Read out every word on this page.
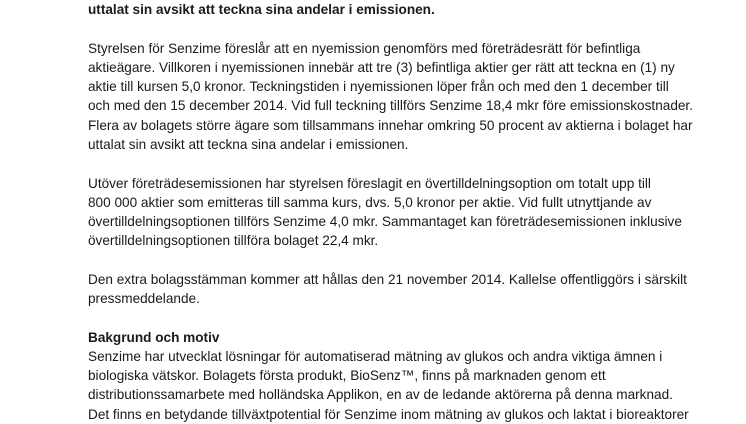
uttalat sin avsikt att teckna sina andelar i emissionen.
Styrelsen för Senzime föreslår att en nyemission genomförs med företrädesrätt för befintliga
aktieägare. Villkoren i nyemissionen innebär att tre (3) befintliga aktier ger rätt att teckna en (1) ny
aktie till kursen 5,0 kronor. Teckningstiden i nyemissionen löper från och med den 1 december till
och med den 15 december 2014. Vid full teckning tillförs Senzime 18,4 mkr före emissionskostnader.
Flera av bolagets större ägare som tillsammans innehar omkring 50 procent av aktierna i bolaget har
uttalat sin avsikt att teckna sina andelar i emissionen.
Utöver företrädesemissionen har styrelsen föreslagit en övertilldelningsoption om totalt upp till
800 000 aktier som emitteras till samma kurs, dvs. 5,0 kronor per aktie. Vid fullt utnyttjande av
övertilldelningsoptionen tillförs Senzime 4,0 mkr. Sammantaget kan företrädesemissionen inklusive
övertilldelningsoptionen tillföra bolaget 22,4 mkr.
Den extra bolagsstämman kommer att hållas den 21 november 2014. Kallelse offentliggörs i särskilt
pressmeddelande.
Bakgrund och motiv
Senzime har utvecklat lösningar för automatiserad mätning av glukos och andra viktiga ämnen i
biologiska vätskor. Bolagets första produkt, BioSenz™, finns på marknaden genom ett
distributionssamarbete med holländska Applikon, en av de ledande aktörerna på denna marknad.
Det finns en betydande tillväxtpotential för Senzime inom mätning av glukos och laktat i bioreaktorer
